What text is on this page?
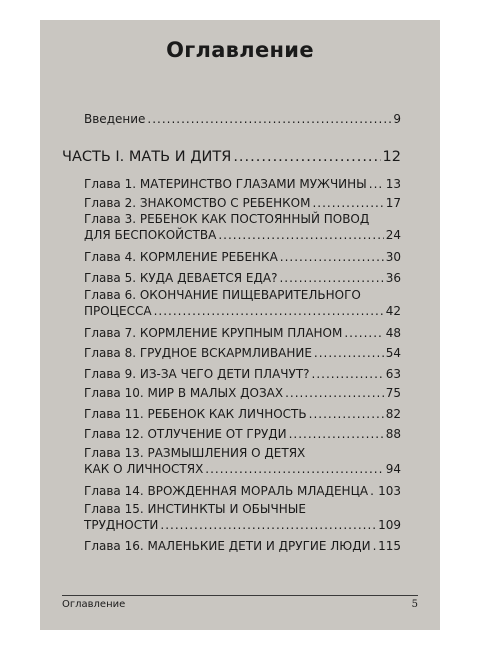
Оглавление
Введение .....	9
ЧАСТЬ I. МАТЬ И ДИТЯ .....	12
Глава 1. МАТЕРИНСТВО ГЛАЗАМИ МУЖЧИНЫ ..... 13
Глава 2. ЗНАКОМСТВО С РЕБЕНКОМ .....	17
Глава 3. РЕБЕНОК КАК ПОСТОЯННЫЙ ПОВОД
ДЛЯ БЕСПОКОЙСТВА .....	24
Глава 4. КОРМЛЕНИЕ РЕБЕНКА .....	30
Глава 5. КУДА ДЕВАЕТСЯ ЕДА? .....	36
Глава 6. ОКОНЧАНИЕ ПИЩЕВАРИТЕЛЬНОГО
ПРОЦЕССА .....	42
Глава 7. КОРМЛЕНИЕ КРУПНЫМ ПЛАНОМ .....	48
Глава 8. ГРУДНОЕ ВСКАРМЛИВАНИЕ .....	54
Глава 9. ИЗ-ЗА ЧЕГО ДЕТИ ПЛАЧУТ? .....	63
Глава 10. МИР В МАЛЫХ ДОЗАХ .....	75
Глава 11. РЕБЕНОК КАК ЛИЧНОСТЬ .....	82
Глава 12. ОТЛУЧЕНИЕ ОТ ГРУДИ .....	88
Глава 13. РАЗМЫШЛЕНИЯ О ДЕТЯХ
КАК О ЛИЧНОСТЯХ .....	94
Глава 14. ВРОЖДЕННАЯ МОРАЛЬ МЛАДЕНЦА ..... 103
Глава 15. ИНСТИНКТЫ И ОБЫЧНЫЕ
ТРУДНОСТИ .....	109
Глава 16. МАЛЕНЬКИЕ ДЕТИ И ДРУГИЕ ЛЮДИ ..... 115
Оглавление	5
